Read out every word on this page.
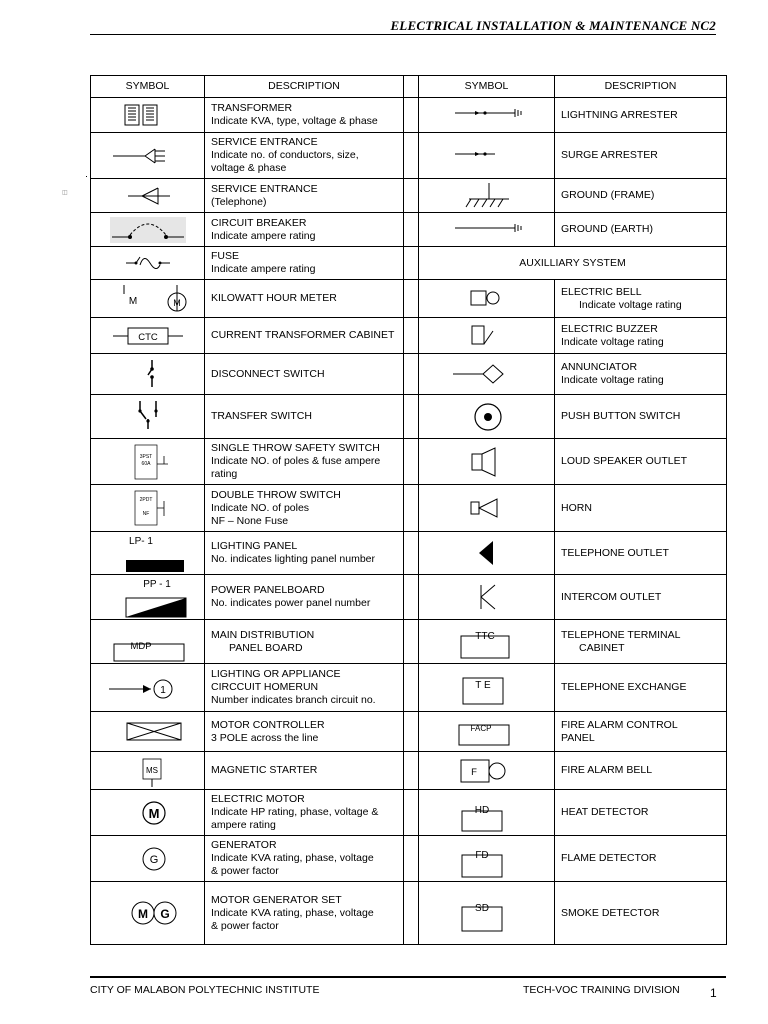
ELECTRICAL INSTALLATION & MAINTENANCE NC2
◫
SYMBOL	DESCRIPTION		SYMBOL	DESCRIPTION

TRANSFORMER
Indicate KVA, type, voltage & phase			LIGHTNING ARRESTER

SERVICE ENTRANCE
Indicate no. of conductors, size,
voltage & phase			SURGE ARRESTER

SERVICE ENTRANCE
(Telephone)			GROUND (FRAME)

CIRCUIT BREAKER
Indicate ampere rating			GROUND (EARTH)

FUSE
Indicate ampere rating		AUXILLIARY SYSTEM	

M M	KILOWATT HOUR METER			ELECTRIC BELL
Indicate voltage rating

CTC	CURRENT TRANSFORMER CABINET			ELECTRIC BUZZER
Indicate voltage rating

DISCONNECT SWITCH			ANNUNCIATOR
Indicate voltage rating

TRANSFER SWITCH			PUSH BUTTON SWITCH

3PST
60A	SINGLE THROW SAFETY SWITCH
Indicate NO. of poles & fuse ampere
rating			LOUD SPEAKER OUTLET

2PDT
NF	DOUBLE THROW SWITCH
Indicate NO. of poles
NF – None Fuse			HORN

LP- 1	LIGHTING PANEL
No. indicates lighting panel number			TELEPHONE OUTLET

PP - 1	POWER PANELBOARD
No. indicates power panel number			INTERCOM OUTLET

MDP	MAIN DISTRIBUTION
PANEL BOARD		TTC	TELEPHONE TERMINAL
CABINET

1	LIGHTING OR APPLIANCE
CIRCCUIT HOMERUN
Number indicates branch circuit no.		T E	TELEPHONE EXCHANGE

MOTOR CONTROLLER
3 POLE across the line		FACP	FIRE ALARM CONTROL
PANEL

MS	MAGNETIC STARTER		F	FIRE ALARM BELL

M	ELECTRIC MOTOR
Indicate HP rating, phase, voltage &
ampere rating		HD	HEAT DETECTOR

G	GENERATOR
Indicate KVA rating, phase, voltage
& power factor		FD	FLAME DETECTOR

M G	MOTOR GENERATOR SET
Indicate KVA rating, phase, voltage
& power factor		SD	SMOKE DETECTOR
CITY OF MALABON POLYTECHNIC INSTITUTE	TECH-VOC TRAINING DIVISION	1
